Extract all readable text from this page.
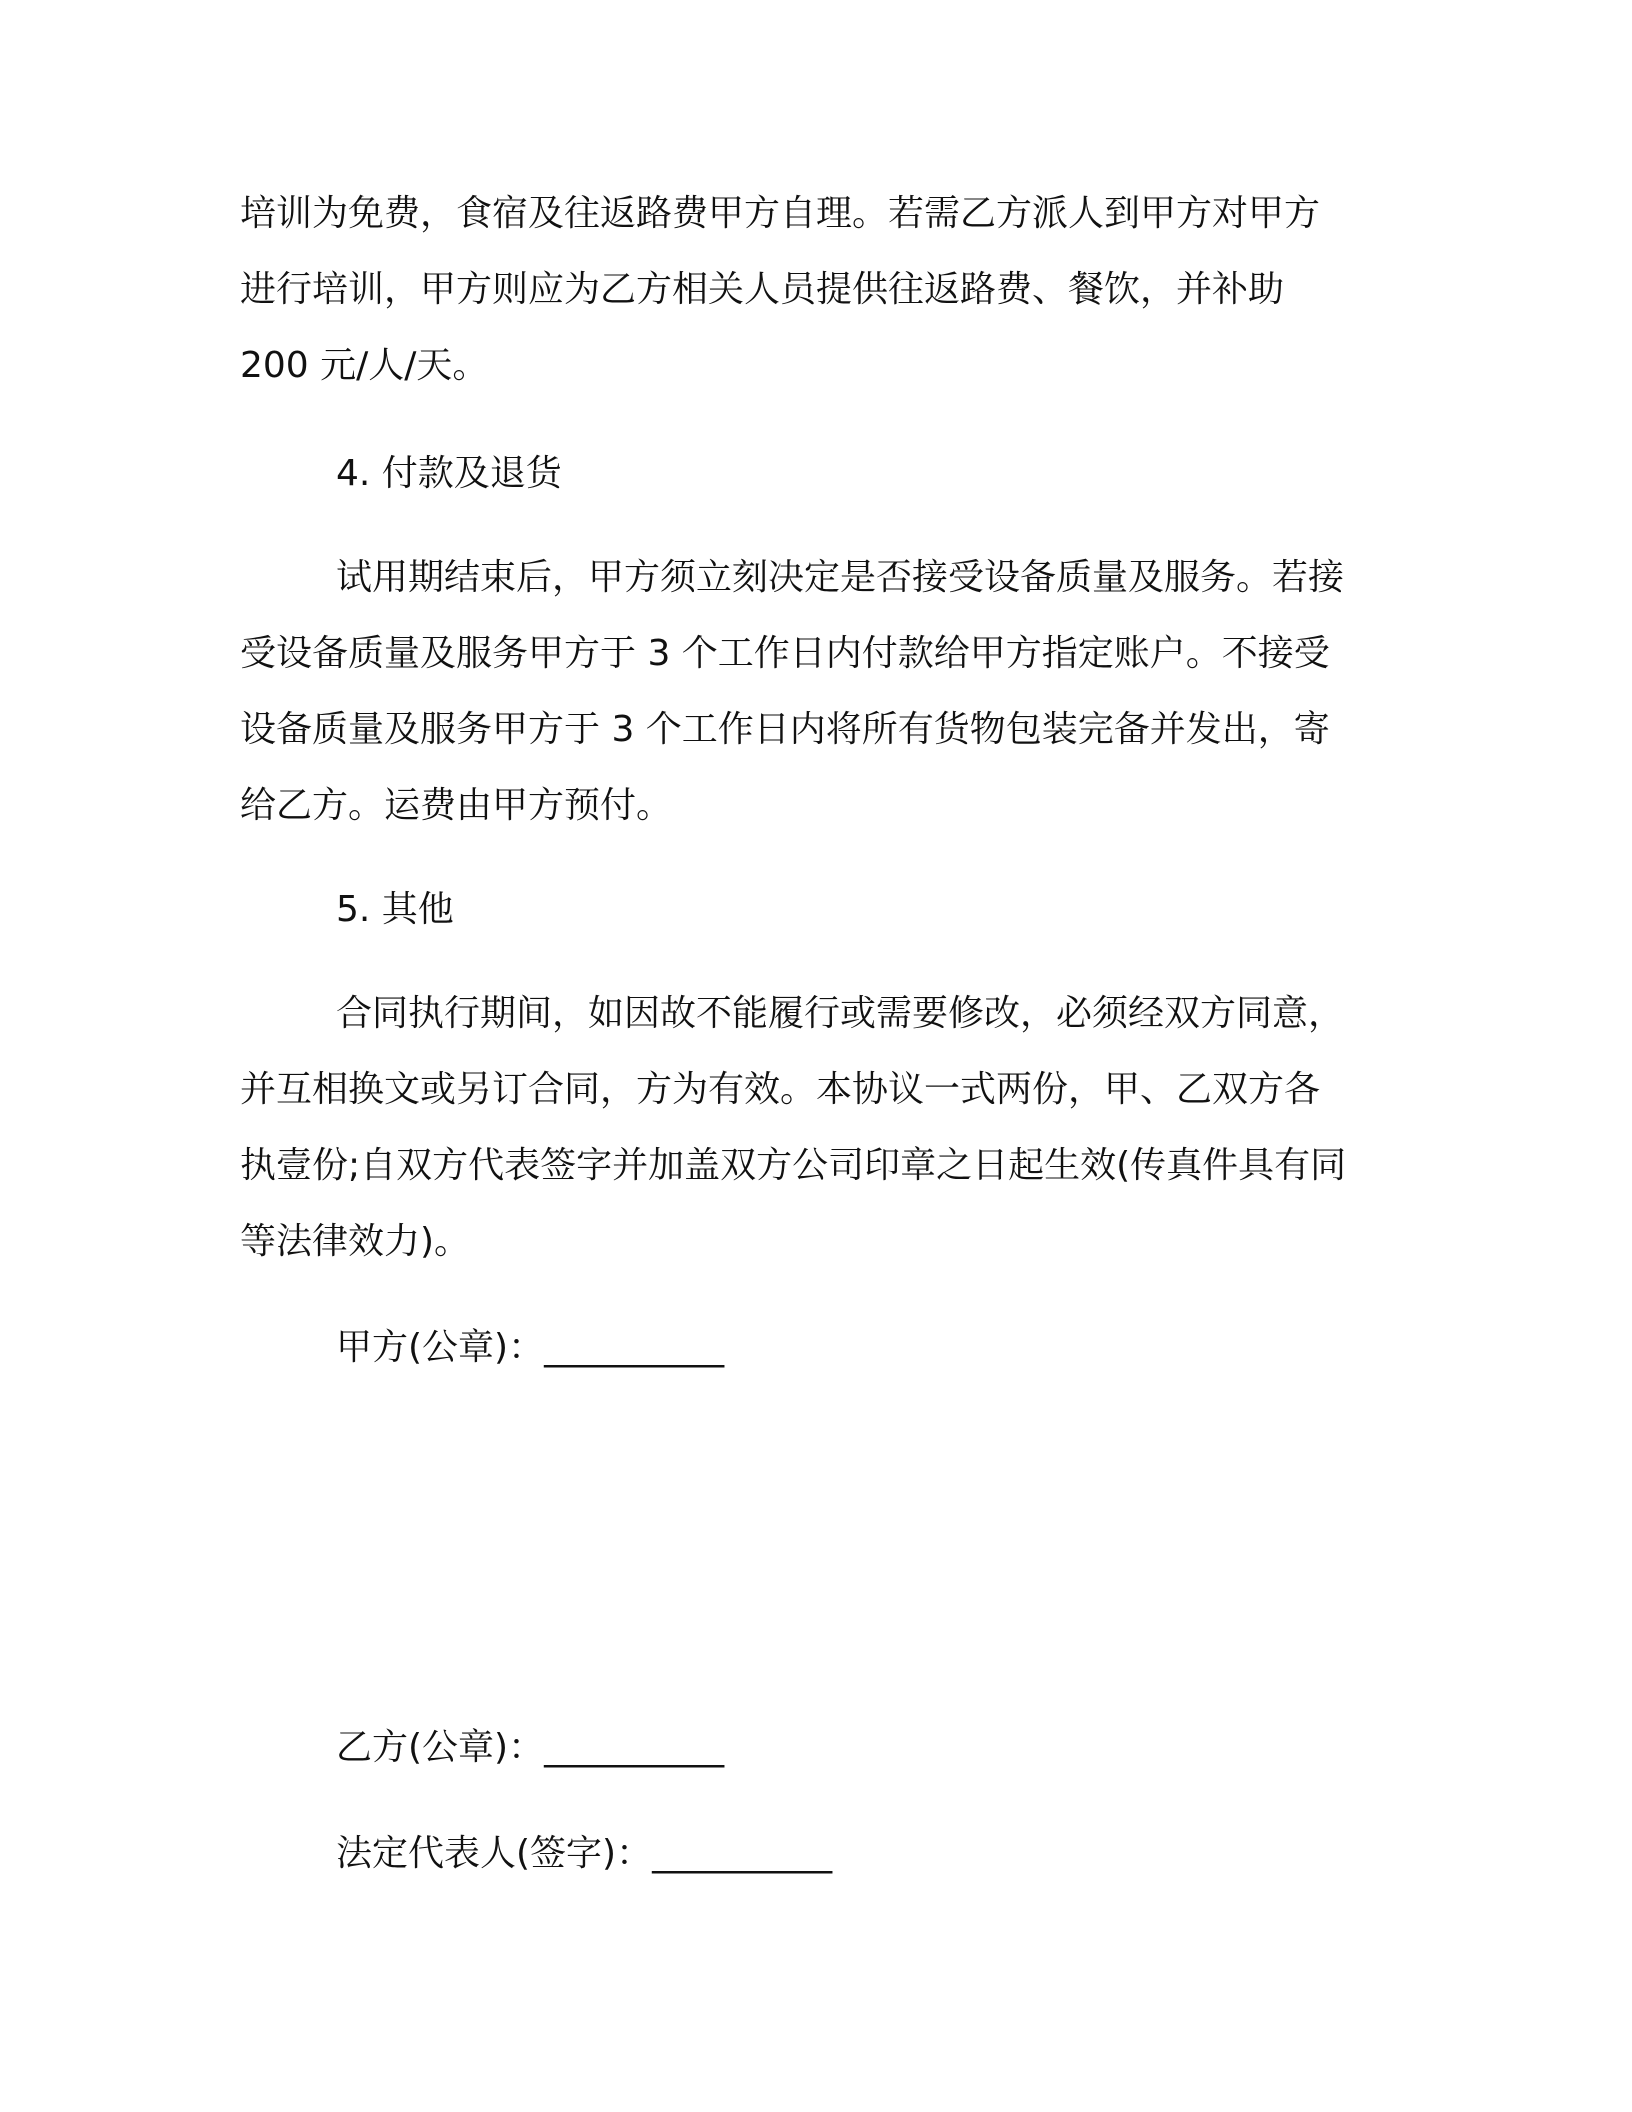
培训为免费，食宿及往返路费甲方自理。若需乙方派人到甲方对甲方
进行培训，甲方则应为乙方相关人员提供往返路费、餐饮，并补助
200 元/人/天。
4. 付款及退货
试用期结束后，甲方须立刻决定是否接受设备质量及服务。若接
受设备质量及服务甲方于 3 个工作日内付款给甲方指定账户。不接受
设备质量及服务甲方于 3 个工作日内将所有货物包装完备并发出，寄
给乙方。运费由甲方预付。
5. 其他
合同执行期间，如因故不能履行或需要修改，必须经双方同意，
并互相换文或另订合同，方为有效。本协议一式两份，甲、乙双方各
执壹份;自双方代表签字并加盖双方公司印章之日起生效(传真件具有同
等法律效力)。
甲方(公章)：__________
乙方(公章)：__________
法定代表人(签字)：__________
